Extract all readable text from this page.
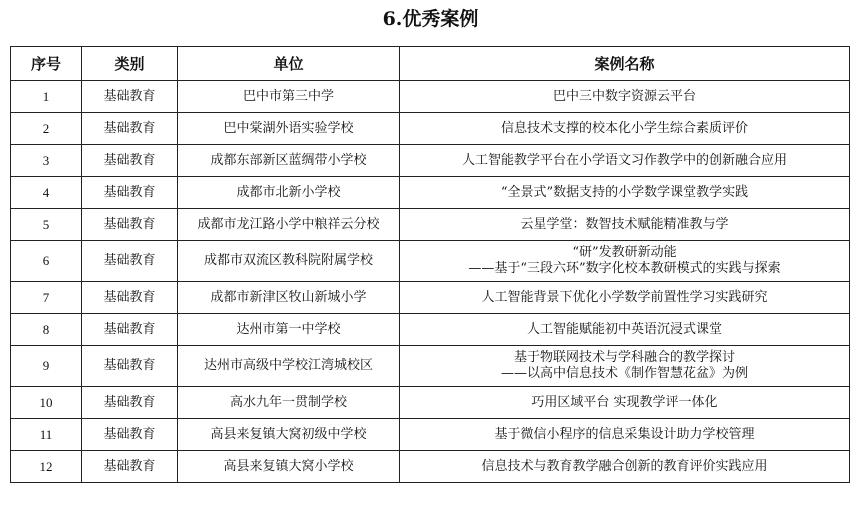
6.优秀案例
序号	类别	单位	案例名称
1	基础教育	巴中市第三中学	巴中三中数字资源云平台

2	基础教育	巴中棠湖外语实验学校	信息技术支撑的校本化小学生综合素质评价

3	基础教育	成都东部新区蓝绸带小学校	人工智能教学平台在小学语文习作教学中的创新融合应用

4	基础教育	成都市北新小学校	“全景式”数据支持的小学数学课堂教学实践

5	基础教育	成都市龙江路小学中粮祥云分校	云星学堂：数智技术赋能精准教与学

6	基础教育	成都市双流区教科院附属学校	“研”发教研新动能
——基于“三段六环”数字化校本教研模式的实践与探索

7	基础教育	成都市新津区牧山新城小学	人工智能背景下优化小学数学前置性学习实践研究

8	基础教育	达州市第一中学校	人工智能赋能初中英语沉浸式课堂

9	基础教育	达州市高级中学校江湾城校区	基于物联网技术与学科融合的教学探讨
——以高中信息技术《制作智慧花盆》为例

10	基础教育	高水九年一贯制学校	巧用区域平台 实现教学评一体化

11	基础教育	高县来复镇大窝初级中学校	基于微信小程序的信息采集设计助力学校管理

12	基础教育	高县来复镇大窝小学校	信息技术与教育教学融合创新的教育评价实践应用
